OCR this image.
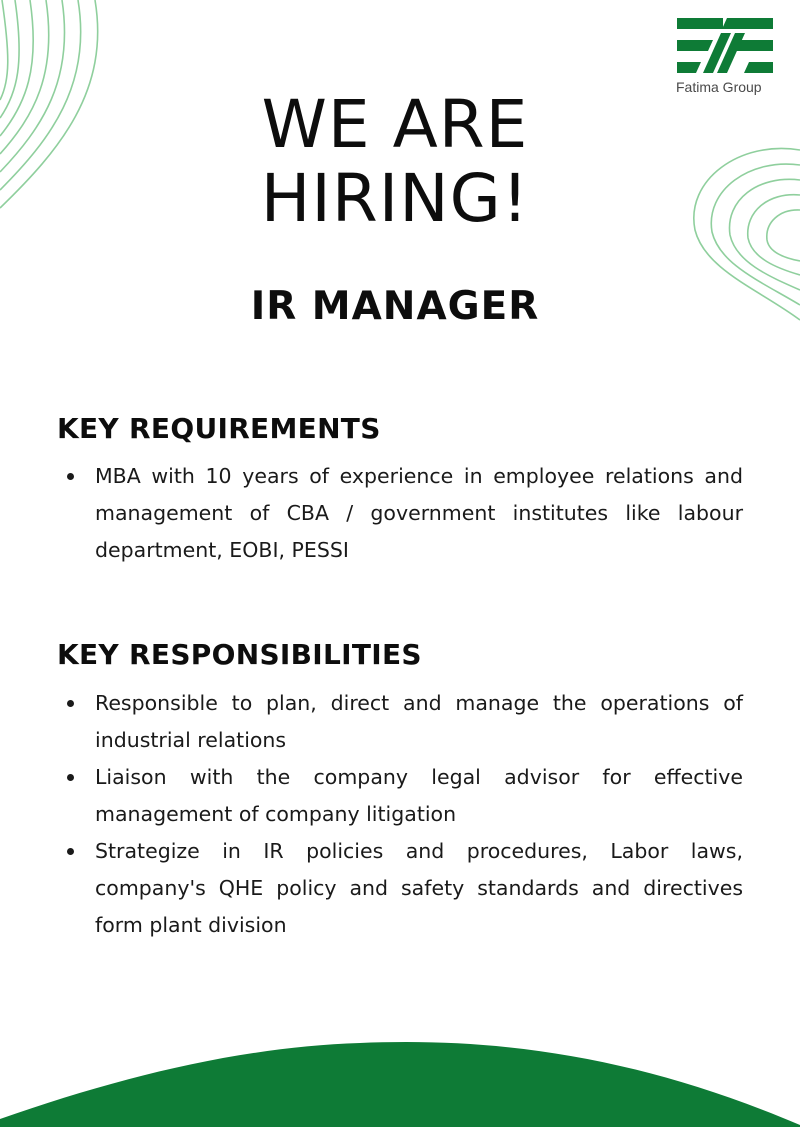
Fatima Group
WE ARE
HIRING!
IR MANAGER
KEY REQUIREMENTS
MBA with 10 years of experience in employee relations and management of CBA / government institutes like labour department, EOBI, PESSI
KEY RESPONSIBILITIES
Responsible to plan, direct and manage the operations of industrial relations
Liaison with the company legal advisor for effective management of company litigation
Strategize in IR policies and procedures, Labor laws, company's QHE policy and safety standards and directives form plant division
